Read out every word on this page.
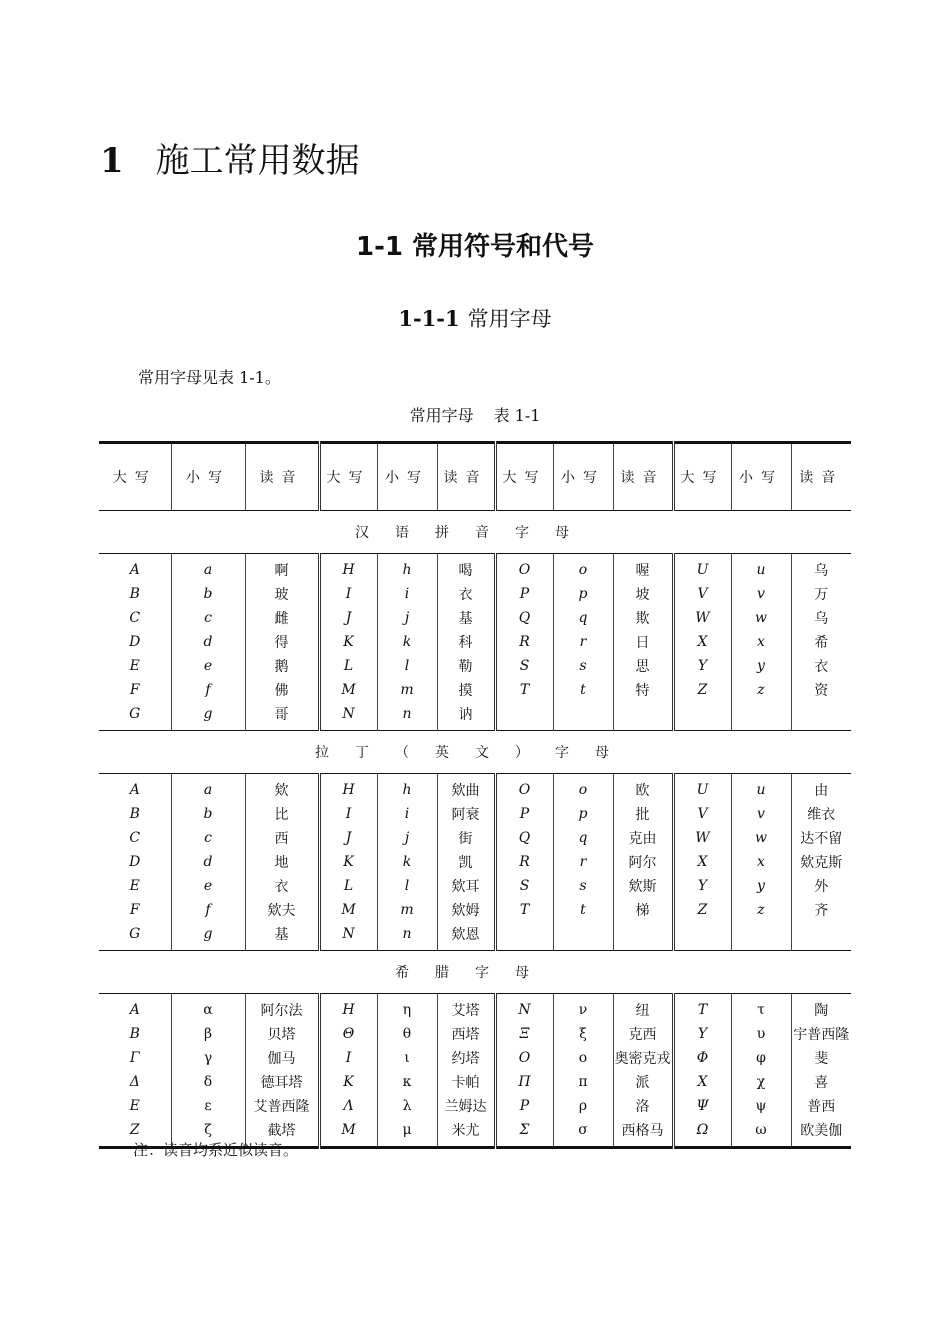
1 施工常用数据
1-1 常用符号和代号
1-1-1 常用字母
常用字母见表 1-1。
常用字母 表 1-1
大写	小写	读音	大写	小写	读音	大写	小写	读音	大写	小写	读音
汉语拼音字母											

A	a	啊	H	h	喝	O	o	喔	U	u	乌
B	b	玻	I	i	衣	P	p	坡	V	v	万
C	c	雌	J	j	基	Q	q	欺	W	w	乌
D	d	得	K	k	科	R	r	日	X	x	希
E	e	鹅	L	l	勒	S	s	思	Y	y	衣
F	f	佛	M	m	摸	T	t	特	Z	z	资
G	g	哥	N	n	讷						

拉丁（英文）字母											

A	a	欸	H	h	欸曲	O	o	欧	U	u	由
B	b	比	I	i	阿衰	P	p	批	V	v	维衣
C	c	西	J	j	街	Q	q	克由	W	w	达不留
D	d	地	K	k	凯	R	r	阿尔	X	x	欸克斯
E	e	衣	L	l	欸耳	S	s	欸斯	Y	y	外
F	f	欸夫	M	m	欸姆	T	t	梯	Z	z	齐
G	g	基	N	n	欸恩						

希腊字母											

A	α	阿尔法	H	η	艾塔	N	ν	纽	T	τ	陶
B	β	贝塔	Θ	θ	西塔	Ξ	ξ	克西	Υ	υ	宇普西隆
Γ	γ	伽马	I	ι	约塔	O	ο	奥密克戎	Φ	φ	斐
Δ	δ	德耳塔	K	κ	卡帕	Π	π	派	X	χ	喜
E	ε	艾普西隆	Λ	λ	兰姆达	P	ρ	洛	Ψ	ψ	普西
Z	ζ	截塔	M	μ	米尤	Σ	σ	西格马	Ω	ω	欧美伽

注：读音均系近似读音。
